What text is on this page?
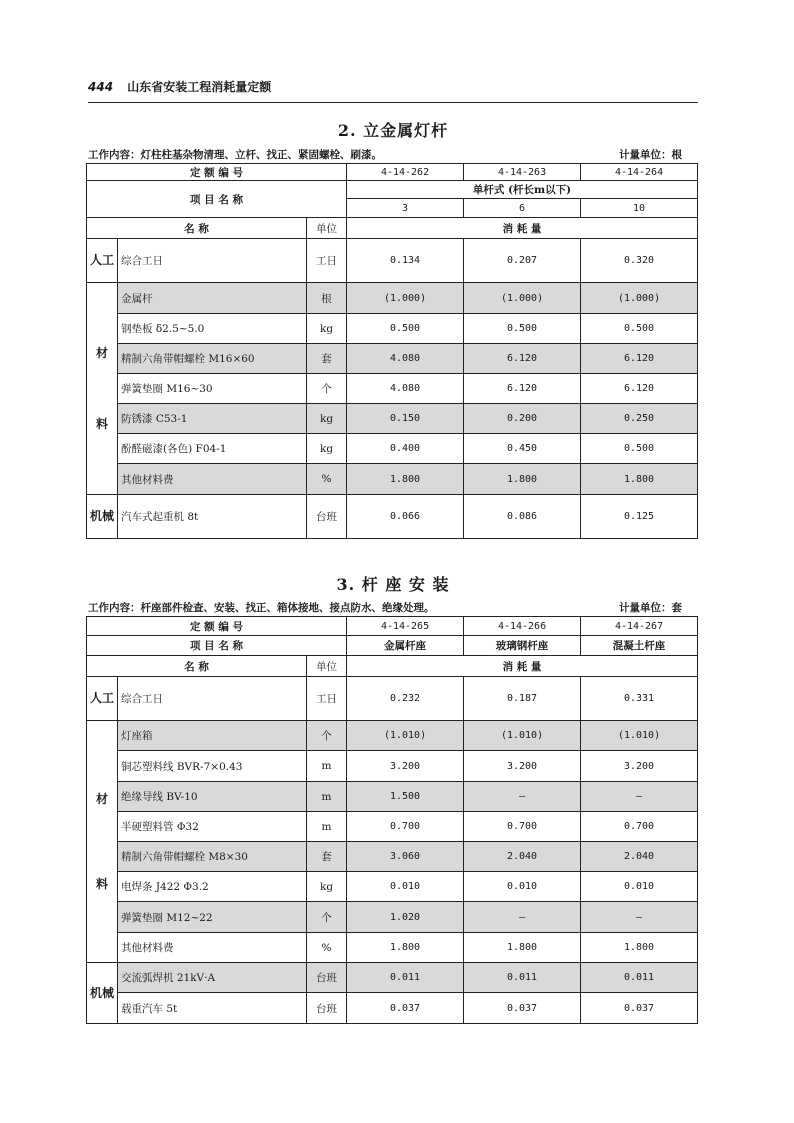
444 山东省安装工程消耗量定额
2. 立金属灯杆
工作内容：灯柱柱基杂物清理、立杆、找正、紧固螺栓、刷漆。	计量单位：根
定 额 编 号			4-14-262	4-14-263	4-14-264
项 目 名 称			单杆式 (杆长m以下)		
			3	6	10
名 称		单位	消 耗 量		
人工	综合工日	工日	0.134	0.207	0.320

材
料	金属杆	根	(1.000)	(1.000)	(1.000)
	钢垫板 δ2.5~5.0	kg	0.500	0.500	0.500
	精制六角带帽螺栓 M16×60	套	4.080	6.120	6.120
	弹簧垫圈 M16~30	个	4.080	6.120	6.120
	防锈漆 C53-1	kg	0.150	0.200	0.250
	酚醛磁漆(各色) F04-1	kg	0.400	0.450	0.500
	其他材料费	%	1.800	1.800	1.800
机械	汽车式起重机 8t	台班	0.066	0.086	0.125
3. 杆 座 安 装
工作内容：杆座部件检查、安装、找正、箱体接地、接点防水、绝缘处理。	计量单位：套
定 额 编 号			4-14-265	4-14-266	4-14-267
项 目 名 称			金属杆座	玻璃钢杆座	混凝土杆座
名 称		单位	消 耗 量		
人工	综合工日	工日	0.232	0.187	0.331

材
料	灯座箱	个	(1.010)	(1.010)	(1.010)
	铜芯塑料线 BVR-7×0.43	m	3.200	3.200	3.200
	绝缘导线 BV-10	m	1.500	—	—
	半硬塑料管 Φ32	m	0.700	0.700	0.700
	精制六角带帽螺栓 M8×30	套	3.060	2.040	2.040
	电焊条 J422 Φ3.2	kg	0.010	0.010	0.010
	弹簧垫圈 M12~22	个	1.020	—	—
	其他材料费	%	1.800	1.800	1.800
机械	交流弧焊机 21kV·A	台班	0.011	0.011	0.011
	载重汽车 5t	台班	0.037	0.037	0.037
